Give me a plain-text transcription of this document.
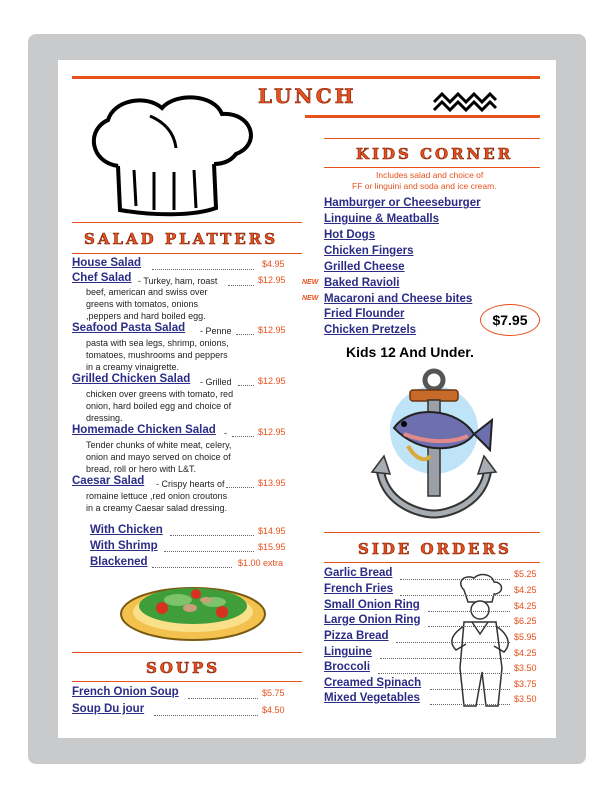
LUNCH
SALAD PLATTERS
House Salad	$4.95
Chef Salad - Turkey, ham, roast	$12.95
beef, american and swiss over
greens with tomatos, onions
,peppers and hard boiled egg.
Seafood Pasta Salad - Penne	$12.95
pasta with sea legs, shrimp, onions,
tomatoes, mushrooms and peppers
in a creamy vinaigrette.
Grilled Chicken Salad - Grilled	$12.95
chicken over greens with tomato, red
onion, hard boiled egg and choice of
dressing.
Homemade Chicken Salad -	$12.95
Tender chunks of white meat, celery,
onion and mayo served on choice of
bread, roll or hero with L&T.
Caesar Salad - Crispy hearts of	$13.95
romaine lettuce ,red onion croutons
in a creamy Caesar salad dressing.
With Chicken	$14.95
With Shrimp	$15.95
Blackened	$1.00 extra
SOUPS
French Onion Soup	$5.75
Soup Du jour	$4.50
KIDS CORNER
Includes salad and choice of
FF or linguini and soda and ice cream.
Hamburger or Cheeseburger
Linguine & Meatballs
Hot Dogs
Chicken Fingers
Grilled Cheese
NEW Baked Ravioli
NEW Macaroni and Cheese bites
Fried Flounder
Chicken Pretzels
$7.95
Kids 12 And Under.
SIDE ORDERS
Garlic Bread	$5.25
French Fries	$4.25
Small Onion Ring	$4.25
Large Onion Ring	$6.25
Pizza Bread	$5.95
Linguine	$4.25
Broccoli	$3.50
Creamed Spinach	$3.75
Mixed Vegetables	$3.50
